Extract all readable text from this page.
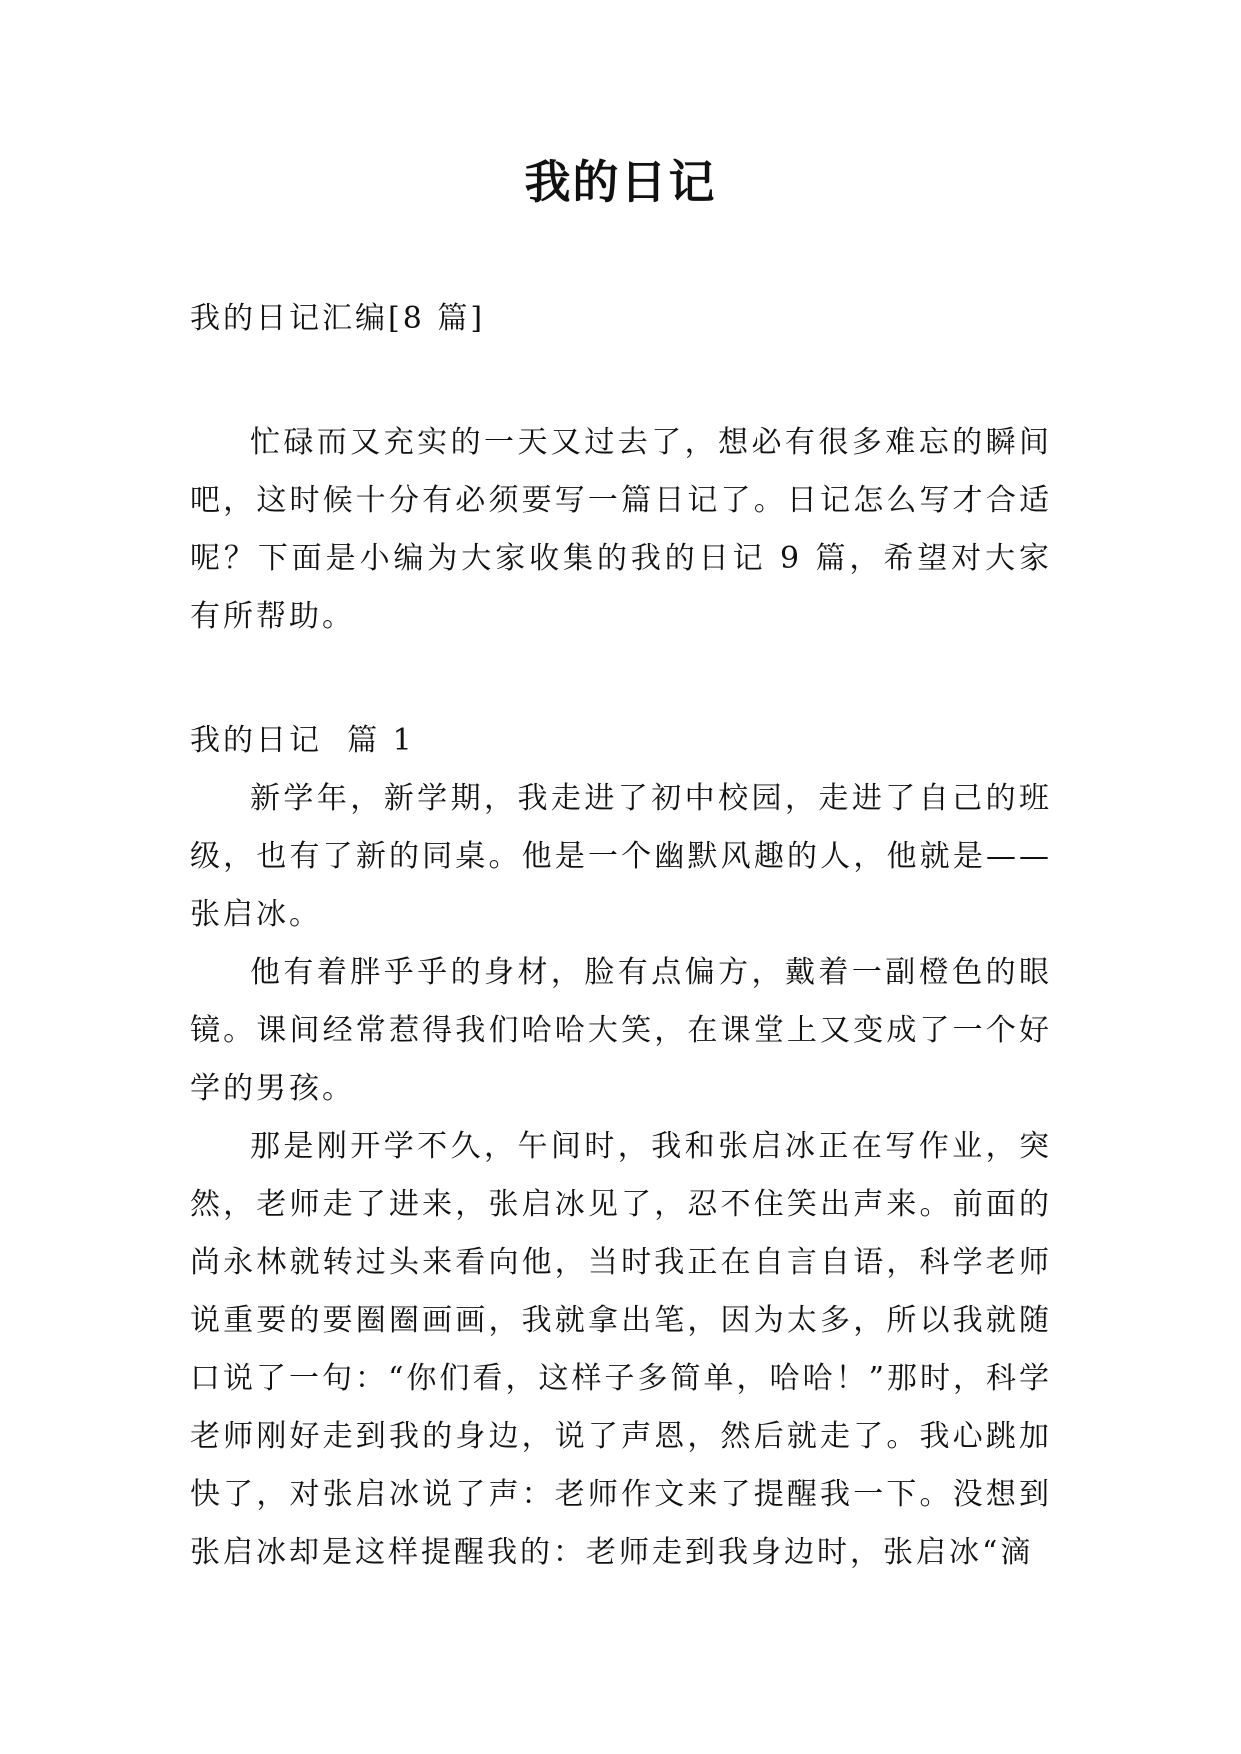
我的日记

我的日记汇编[8 篇]

忙碌而又充实的一天又过去了，想必有很多难忘的瞬间吧，这时候十分有必须要写一篇日记了。日记怎么写才合适呢？下面是小编为大家收集的我的日记 9 篇，希望对大家有所帮助。

我的日记  篇 1

新学年，新学期，我走进了初中校园，走进了自己的班级，也有了新的同桌。他是一个幽默风趣的人，他就是——张启冰。

他有着胖乎乎的身材，脸有点偏方，戴着一副橙色的眼镜。课间经常惹得我们哈哈大笑，在课堂上又变成了一个好学的男孩。

那是刚开学不久，午间时，我和张启冰正在写作业，突然，老师走了进来，张启冰见了，忍不住笑出声来。前面的尚永林就转过头来看向他，当时我正在自言自语，科学老师说重要的要圈圈画画，我就拿出笔，因为太多，所以我就随口说了一句：“你们看，这样子多简单，哈哈！”那时，科学老师刚好走到我的身边，说了声恩，然后就走了。我心跳加快了，对张启冰说了声：老师作文来了提醒我一下。没想到张启冰却是这样提醒我的：老师走到我身边时，张启冰“滴
